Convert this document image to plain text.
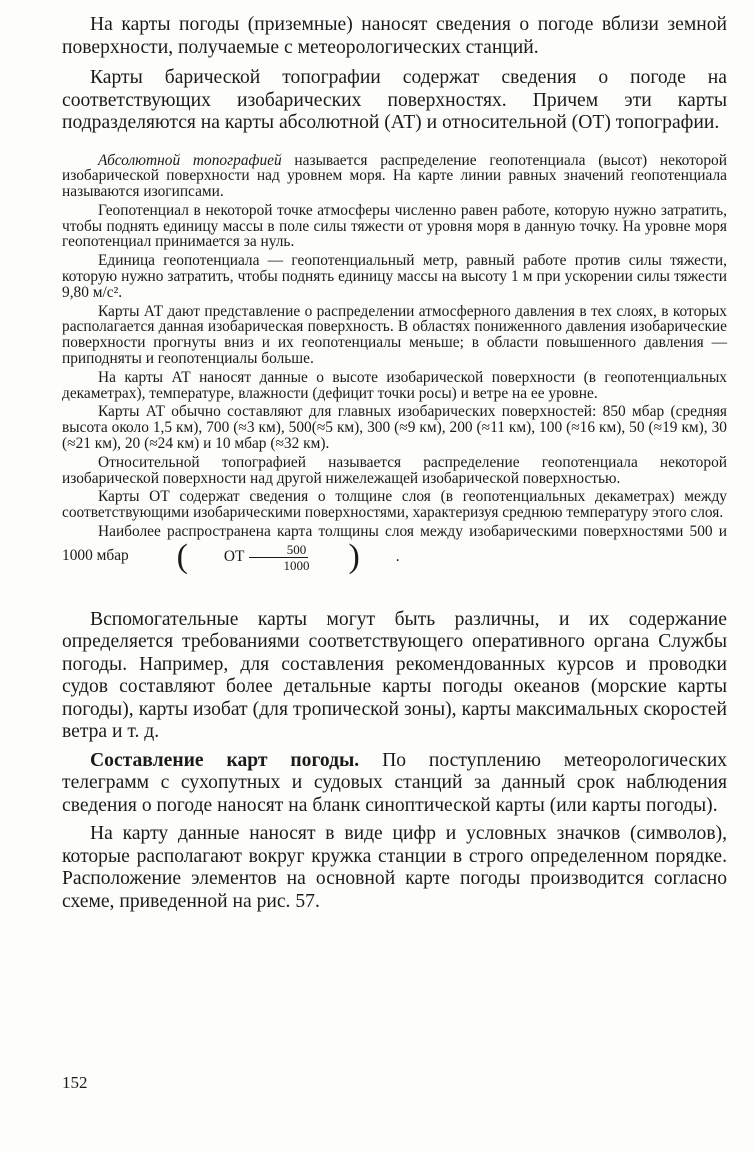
На карты погоды (приземные) наносят сведения о погоде вблизи земной поверхности, получаемые с метеорологических станций.

Карты барической топографии содержат сведения о погоде на соответствующих изобарических поверхностях. Причем эти карты подразделяются на карты абсолютной (АТ) и относительной (ОТ) топографии.

Абсолютной топографией называется распределение геопотенциала (высот) некоторой изобарической поверхности над уровнем моря. На карте линии равных значений геопотенциала называются изогипсами.

Геопотенциал в некоторой точке атмосферы численно равен работе, которую нужно затратить, чтобы поднять единицу массы в поле силы тяжести от уровня моря в данную точку. На уровне моря геопотенциал принимается за нуль.

Единица геопотенциала — геопотенциальный метр, равный работе против силы тяжести, которую нужно затратить, чтобы поднять единицу массы на высоту 1 м при ускорении силы тяжести 9,80 м/с².

Карты АТ дают представление о распределении атмосферного давления в тех слоях, в которых располагается данная изобарическая поверхность. В областях пониженного давления изобарические поверхности прогнуты вниз и их геопотенциалы меньше; в области повышенного давления — приподняты и геопотенциалы больше.

На карты АТ наносят данные о высоте изобарической поверхности (в геопотенциальных декаметрах), температуре, влажности (дефицит точки росы) и ветре на ее уровне.

Карты АТ обычно составляют для главных изобарических поверхностей: 850 мбар (средняя высота около 1,5 км), 700 (≈3 км), 500(≈5 км), 300 (≈9 км), 200 (≈11 км), 100 (≈16 км), 50 (≈19 км), 30 (≈21 км), 20 (≈24 км) и 10 мбар (≈32 км).

Относительной топографией называется распределение геопотенциала некоторой изобарической поверхности над другой нижележащей изобарической поверхностью.

Карты ОТ содержат сведения о толщине слоя (в геопотенциальных декаметрах) между соответствующими изобарическими поверхностями, характеризуя среднюю температуру этого слоя.

Наиболее распространена карта толщины слоя между изобарическими поверхностями 500 и 1000 мбар	(	ОТ $\frac{500}{1000}$	)	.

Вспомогательные карты могут быть различны, и их содержание определяется требованиями соответствующего оперативного органа Службы погоды. Например, для составления рекомендованных курсов и проводки судов составляют более детальные карты погоды океанов (морские карты погоды), карты изобат (для тропической зоны), карты максимальных скоростей ветра и т. д.

Составление карт погоды. По поступлению метеорологических телеграмм с сухопутных и судовых станций за данный срок наблюдения сведения о погоде наносят на бланк синоптической карты (или карты погоды).

На карту данные наносят в виде цифр и условных значков (символов), которые располагают вокруг кружка станции в строго определенном порядке. Расположение элементов на основной карте погоды производится согласно схеме, приведенной на рис. 57.

152
